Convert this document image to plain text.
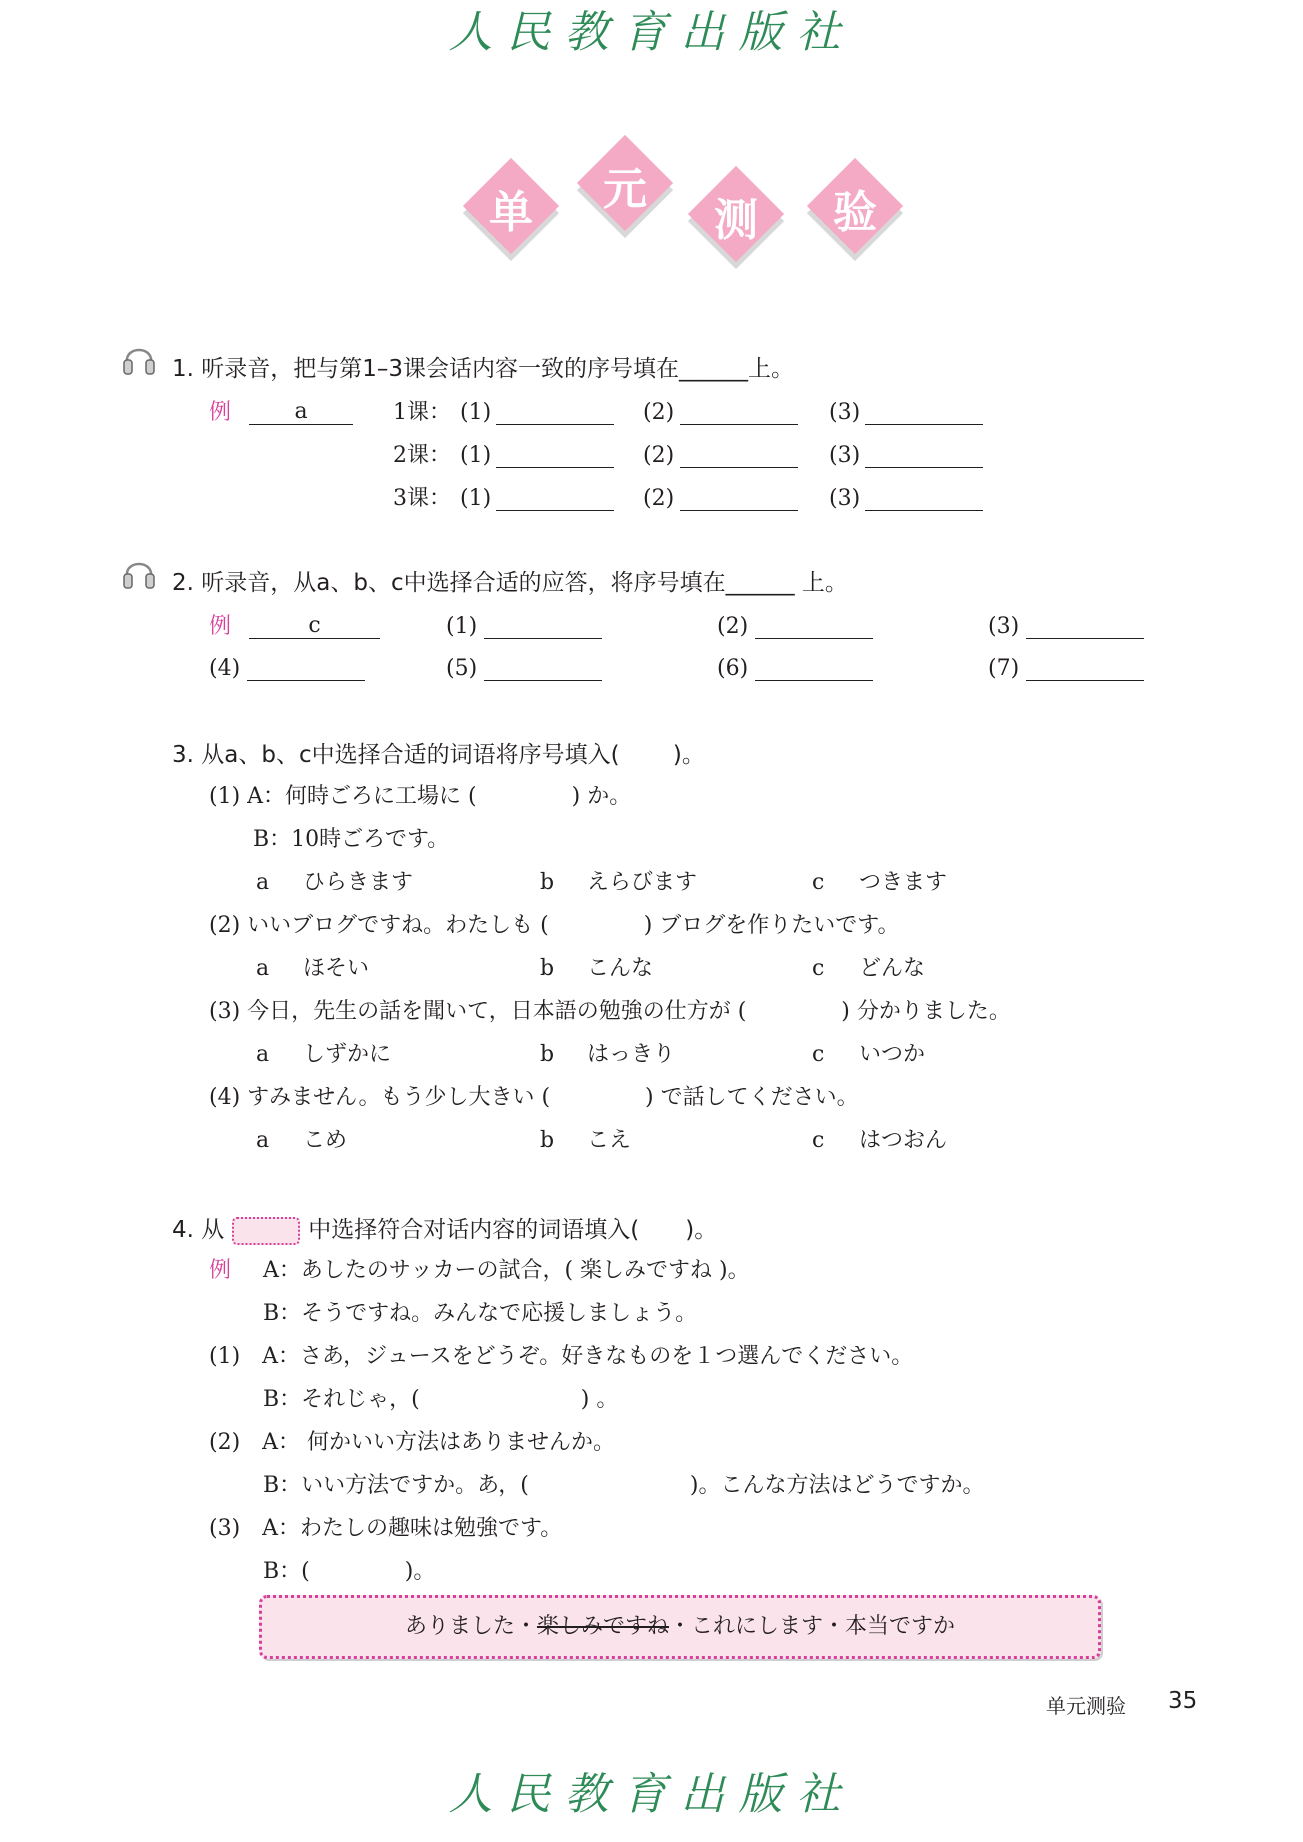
人民教育出版社
单	元
测	验
1. 听录音，把与第1–3课会话内容一致的序号填在______上。
例	a	1课： (1)	(2)	(3)
2课： (1)	(2)	(3)
3课： (1)	(2)	(3)
2. 听录音，从a、b、c中选择合适的应答，将序号填在______ 上。
例	c	(1)	(2)	(3)
(4)	(5)	(6)	(7)
3. 从a、b、c中选择合适的词语将序号填入(　　 )。
(1) A：何時ごろに工場に (　　　　 ) か。
　　B：10時ごろです。
a ひらきます	b えらびます	c つきます
(2) いいブログですね。わたしも (　　　　 ) ブログを作りたいです。
a ほそい	b こんな	c どんな
(3) 今日，先生の話を聞いて，日本語の勉強の仕方が (　　　　 ) 分かりました。
a しずかに	b はっきり	c いつか
(4) すみません。もう少し大きい (　　　　 ) で話してください。
a こめ	b こえ	c はつおん
4. 从	中选择符合对话内容的词语填入(　　)。
例 A：あしたのサッカーの試合，( 楽しみですね )。
B：そうですね。みんなで応援しましょう。
(1)　A：さあ，ジュースをどうぞ。好きなものを１つ選んでください。
B：それじゃ，(　　　　　　　 ) 。
(2)　A： 何かいい方法はありませんか。
B：いい方法ですか。あ，(　　　　　　　 )。こんな方法はどうですか。
(3)　A：わたしの趣味は勉強です。
B：(　　　　 )。
ありました・楽しみですね・これにします・本当ですか
单元测验 35
人民教育出版社
